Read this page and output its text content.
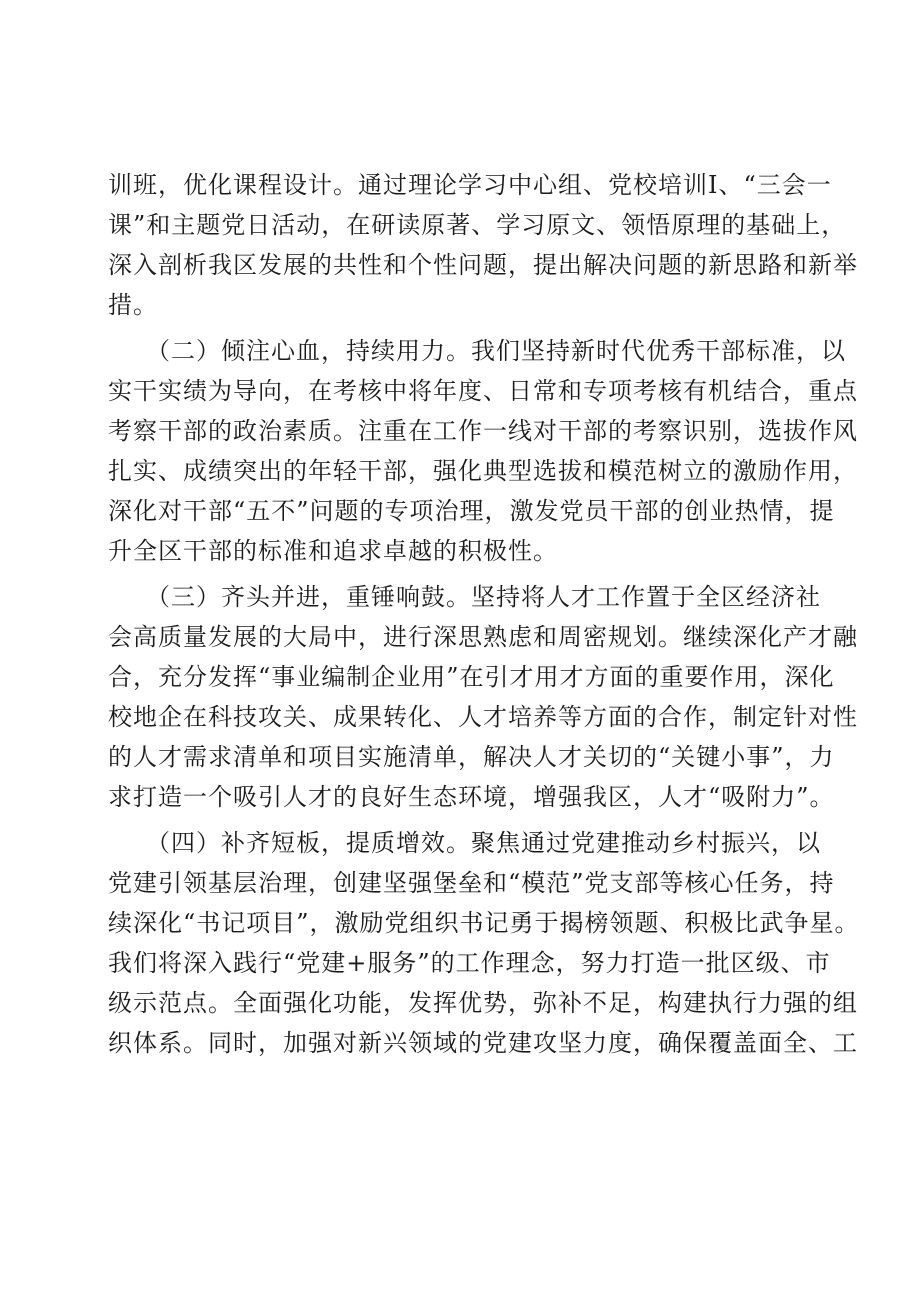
训班，优化课程设计。通过理论学习中心组、党校培训Ⅰ、“三会一
课”和主题党日活动，在研读原著、学习原文、领悟原理的基础上，
深入剖析我区发展的共性和个性问题，提出解决问题的新思路和新举
措。
　　（二）倾注心血，持续用力。我们坚持新时代优秀干部标准，以
实干实绩为导向，在考核中将年度、日常和专项考核有机结合，重点
考察干部的政治素质。注重在工作一线对干部的考察识别，选拔作风
扎实、成绩突出的年轻干部，强化典型选拔和模范树立的激励作用，
深化对干部“五不”问题的专项治理，激发党员干部的创业热情，提
升全区干部的标准和追求卓越的积极性。
　　（三）齐头并进，重锤响鼓。坚持将人才工作置于全区经济社
会高质量发展的大局中，进行深思熟虑和周密规划。继续深化产才融
合，充分发挥“事业编制企业用”在引才用才方面的重要作用，深化
校地企在科技攻关、成果转化、人才培养等方面的合作，制定针对性
的人才需求清单和项目实施清单，解决人才关切的“关键小事”，力
求打造一个吸引人才的良好生态环境，增强我区，人才“吸附力”。
　　（四）补齐短板，提质增效。聚焦通过党建推动乡村振兴，以
党建引领基层治理，创建坚强堡垒和“模范”党支部等核心任务，持
续深化“书记项目”，激励党组织书记勇于揭榜领题、积极比武争星。
我们将深入践行“党建+服务”的工作理念，努力打造一批区级、市
级示范点。全面强化功能，发挥优势，弥补不足，构建执行力强的组
织体系。同时，加强对新兴领域的党建攻坚力度，确保覆盖面全、工
